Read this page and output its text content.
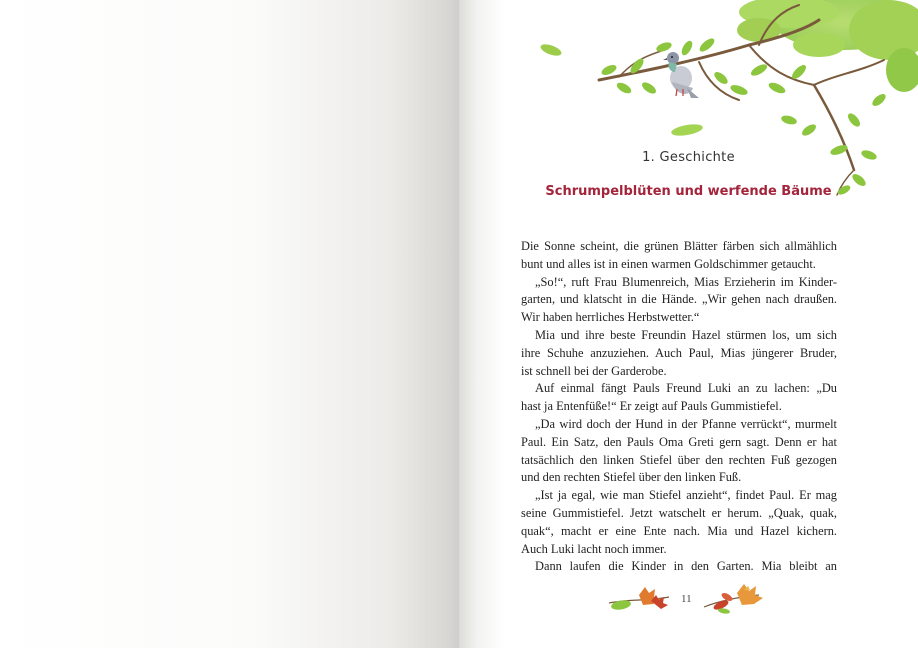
1. Geschichte
Schrumpelblüten und werfende Bäume
Die Sonne scheint, die grünen Blätter färben sich allmählich
bunt und alles ist in einen warmen Goldschimmer getaucht.
„So!“, ruft Frau Blumenreich, Mias Erzieherin im Kinder-
garten, und klatscht in die Hände. „Wir gehen nach draußen.
Wir haben herrliches Herbstwetter.“
Mia und ihre beste Freundin Hazel stürmen los, um sich
ihre Schuhe anzuziehen. Auch Paul, Mias jüngerer Bruder,
ist schnell bei der Garderobe.
Auf einmal fängt Pauls Freund Luki an zu lachen: „Du
hast ja Entenfüße!“ Er zeigt auf Pauls Gummistiefel.
„Da wird doch der Hund in der Pfanne verrückt“, murmelt
Paul. Ein Satz, den Pauls Oma Greti gern sagt. Denn er hat
tatsächlich den linken Stiefel über den rechten Fuß gezogen
und den rechten Stiefel über den linken Fuß.
„Ist ja egal, wie man Stiefel anzieht“, findet Paul. Er mag
seine Gummistiefel. Jetzt watschelt er herum. „Quak, quak,
quak“, macht er eine Ente nach. Mia und Hazel kichern.
Auch Luki lacht noch immer.
Dann laufen die Kinder in den Garten. Mia bleibt an
11
